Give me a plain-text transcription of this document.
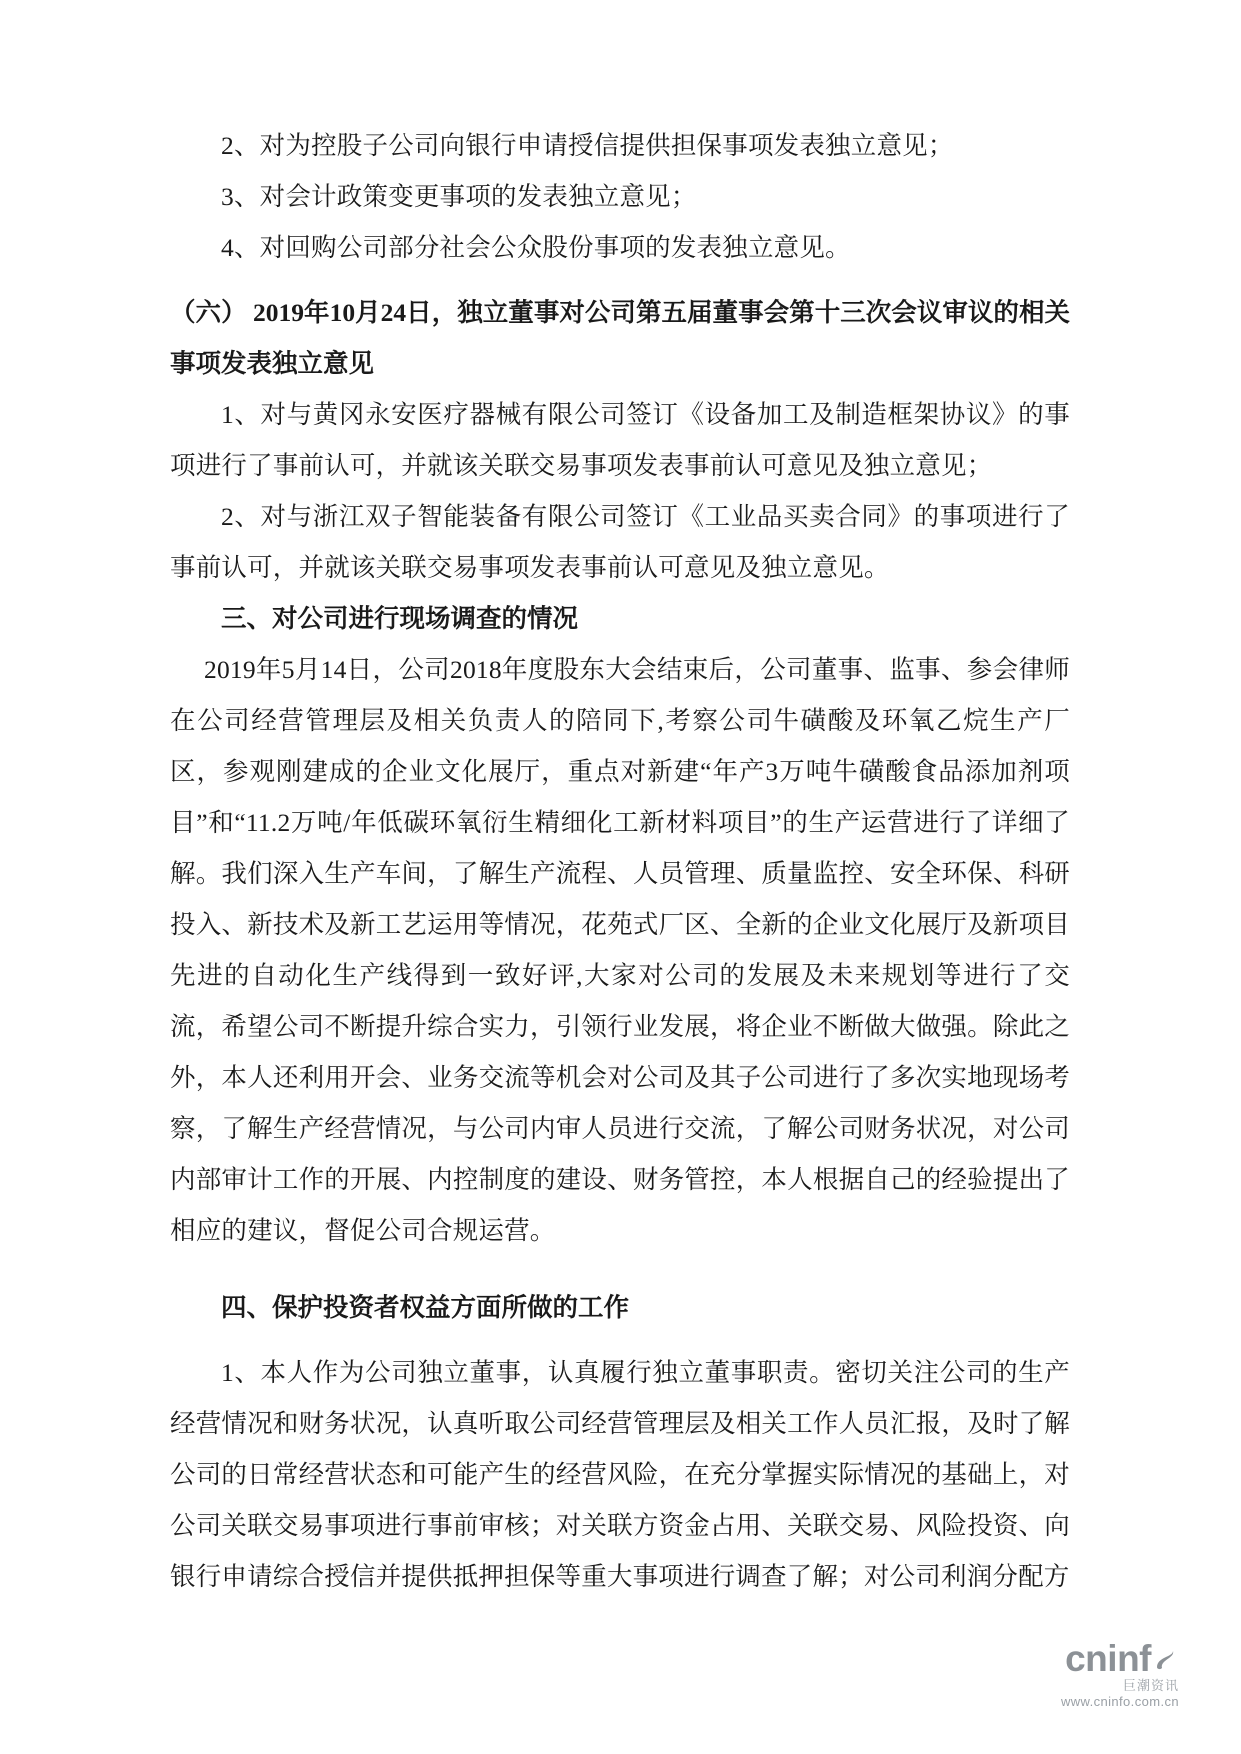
2、对为控股子公司向银行申请授信提供担保事项发表独立意见；

3、对会计政策变更事项的发表独立意见；

4、对回购公司部分社会公众股份事项的发表独立意见。

（六） 2019年10月24日，独立董事对公司第五届董事会第十三次会议审议的相关事项发表独立意见

1、对与黄冈永安医疗器械有限公司签订《设备加工及制造框架协议》的事项进行了事前认可，并就该关联交易事项发表事前认可意见及独立意见；

2、对与浙江双子智能装备有限公司签订《工业品买卖合同》的事项进行了事前认可，并就该关联交易事项发表事前认可意见及独立意见。

三、对公司进行现场调查的情况

2019年5月14日，公司2018年度股东大会结束后，公司董事、监事、参会律师在公司经营管理层及相关负责人的陪同下,考察公司牛磺酸及环氧乙烷生产厂区，参观刚建成的企业文化展厅，重点对新建“年产3万吨牛磺酸食品添加剂项目”和“11.2万吨/年低碳环氧衍生精细化工新材料项目”的生产运营进行了详细了解。我们深入生产车间，了解生产流程、人员管理、质量监控、安全环保、科研投入、新技术及新工艺运用等情况，花苑式厂区、全新的企业文化展厅及新项目先进的自动化生产线得到一致好评,大家对公司的发展及未来规划等进行了交流，希望公司不断提升综合实力，引领行业发展，将企业不断做大做强。除此之外，本人还利用开会、业务交流等机会对公司及其子公司进行了多次实地现场考察，了解生产经营情况，与公司内审人员进行交流，了解公司财务状况，对公司内部审计工作的开展、内控制度的建设、财务管控，本人根据自己的经验提出了相应的建议，督促公司合规运营。

四、保护投资者权益方面所做的工作

1、本人作为公司独立董事，认真履行独立董事职责。密切关注公司的生产经营情况和财务状况，认真听取公司经营管理层及相关工作人员汇报，及时了解公司的日常经营状态和可能产生的经营风险，在充分掌握实际情况的基础上，对公司关联交易事项进行事前审核；对关联方资金占用、关联交易、风险投资、向银行申请综合授信并提供抵押担保等重大事项进行调查了解；对公司利润分配方

cninf
巨潮资讯
www.cninfo.com.cn
